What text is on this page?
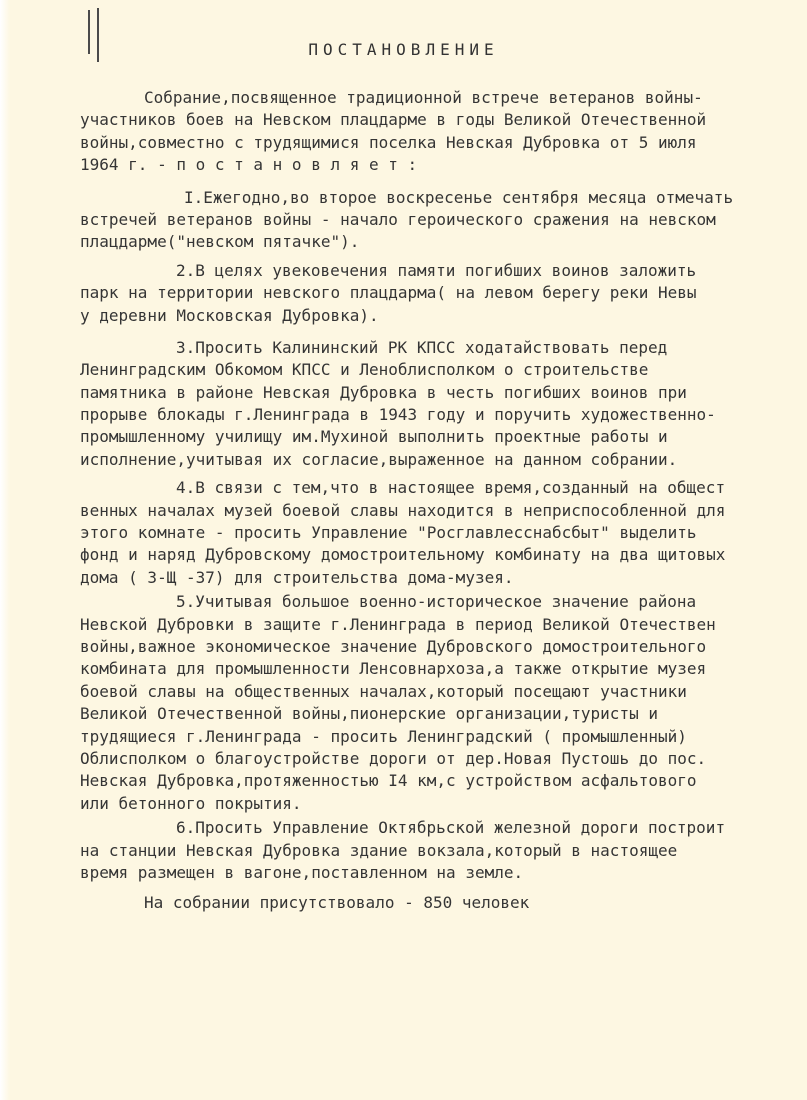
ПОСТАНОВЛЕНИЕ
Собрание,посвященное традиционной встрече ветеранов войны-
участников боев на Невском плацдарме в годы Великой Отечественной
войны,совместно с трудящимися поселка Невская Дубровка от 5 июля
1964 г. - п о с т а н о в л я е т :
I.Ежегодно,во второе воскресенье сентября месяца отмечать
встречей ветеранов войны - начало героического сражения на невском
плацдарме("невском пятачке").
2.В целях увековечения памяти погибших воинов заложить
парк на территории невского плацдарма( на левом берегу реки Невы
у деревни Московская Дубровка).
3.Просить Калининский РК КПСС ходатайствовать перед
Ленинградским Обкомом КПСС и Леноблисполком о строительстве
памятника в районе Невская Дубровка в честь погибших воинов при
прорыве блокады г.Ленинграда в 1943 году и поручить художественно-
промышленному училищу им.Мухиной выполнить проектные работы и
исполнение,учитывая их согласие,выраженное на данном собрании.
4.В связи с тем,что в настоящее время,созданный на общест
венных началах музей боевой славы находится в неприспособленной для
этого комнате - просить Управление "Росглавлесснабсбыт" выделить
фонд и наряд Дубровскому домостроительному комбинату на два щитовых
дома ( З-Щ -37) для строительства дома-музея.
5.Учитывая большое военно-историческое значение района
Невской Дубровки в защите г.Ленинграда в период Великой Отечествен
войны,важное экономическое значение Дубровского домостроительного
комбината для промышленности Ленсовнархоза,а также открытие музея
боевой славы на общественных началах,который посещают участники
Великой Отечественной войны,пионерские организации,туристы и
трудящиеся г.Ленинграда - просить Ленинградский ( промышленный)
Облисполком о благоустройстве дороги от дер.Новая Пустошь до пос.
Невская Дубровка,протяженностью I4 км,с устройством асфальтового
или бетонного покрытия.
6.Просить Управление Октябрьской железной дороги построит
на станции Невская Дубровка здание вокзала,который в настоящее
время размещен в вагоне,поставленном на земле.
На собрании присутствовало - 850 человек
